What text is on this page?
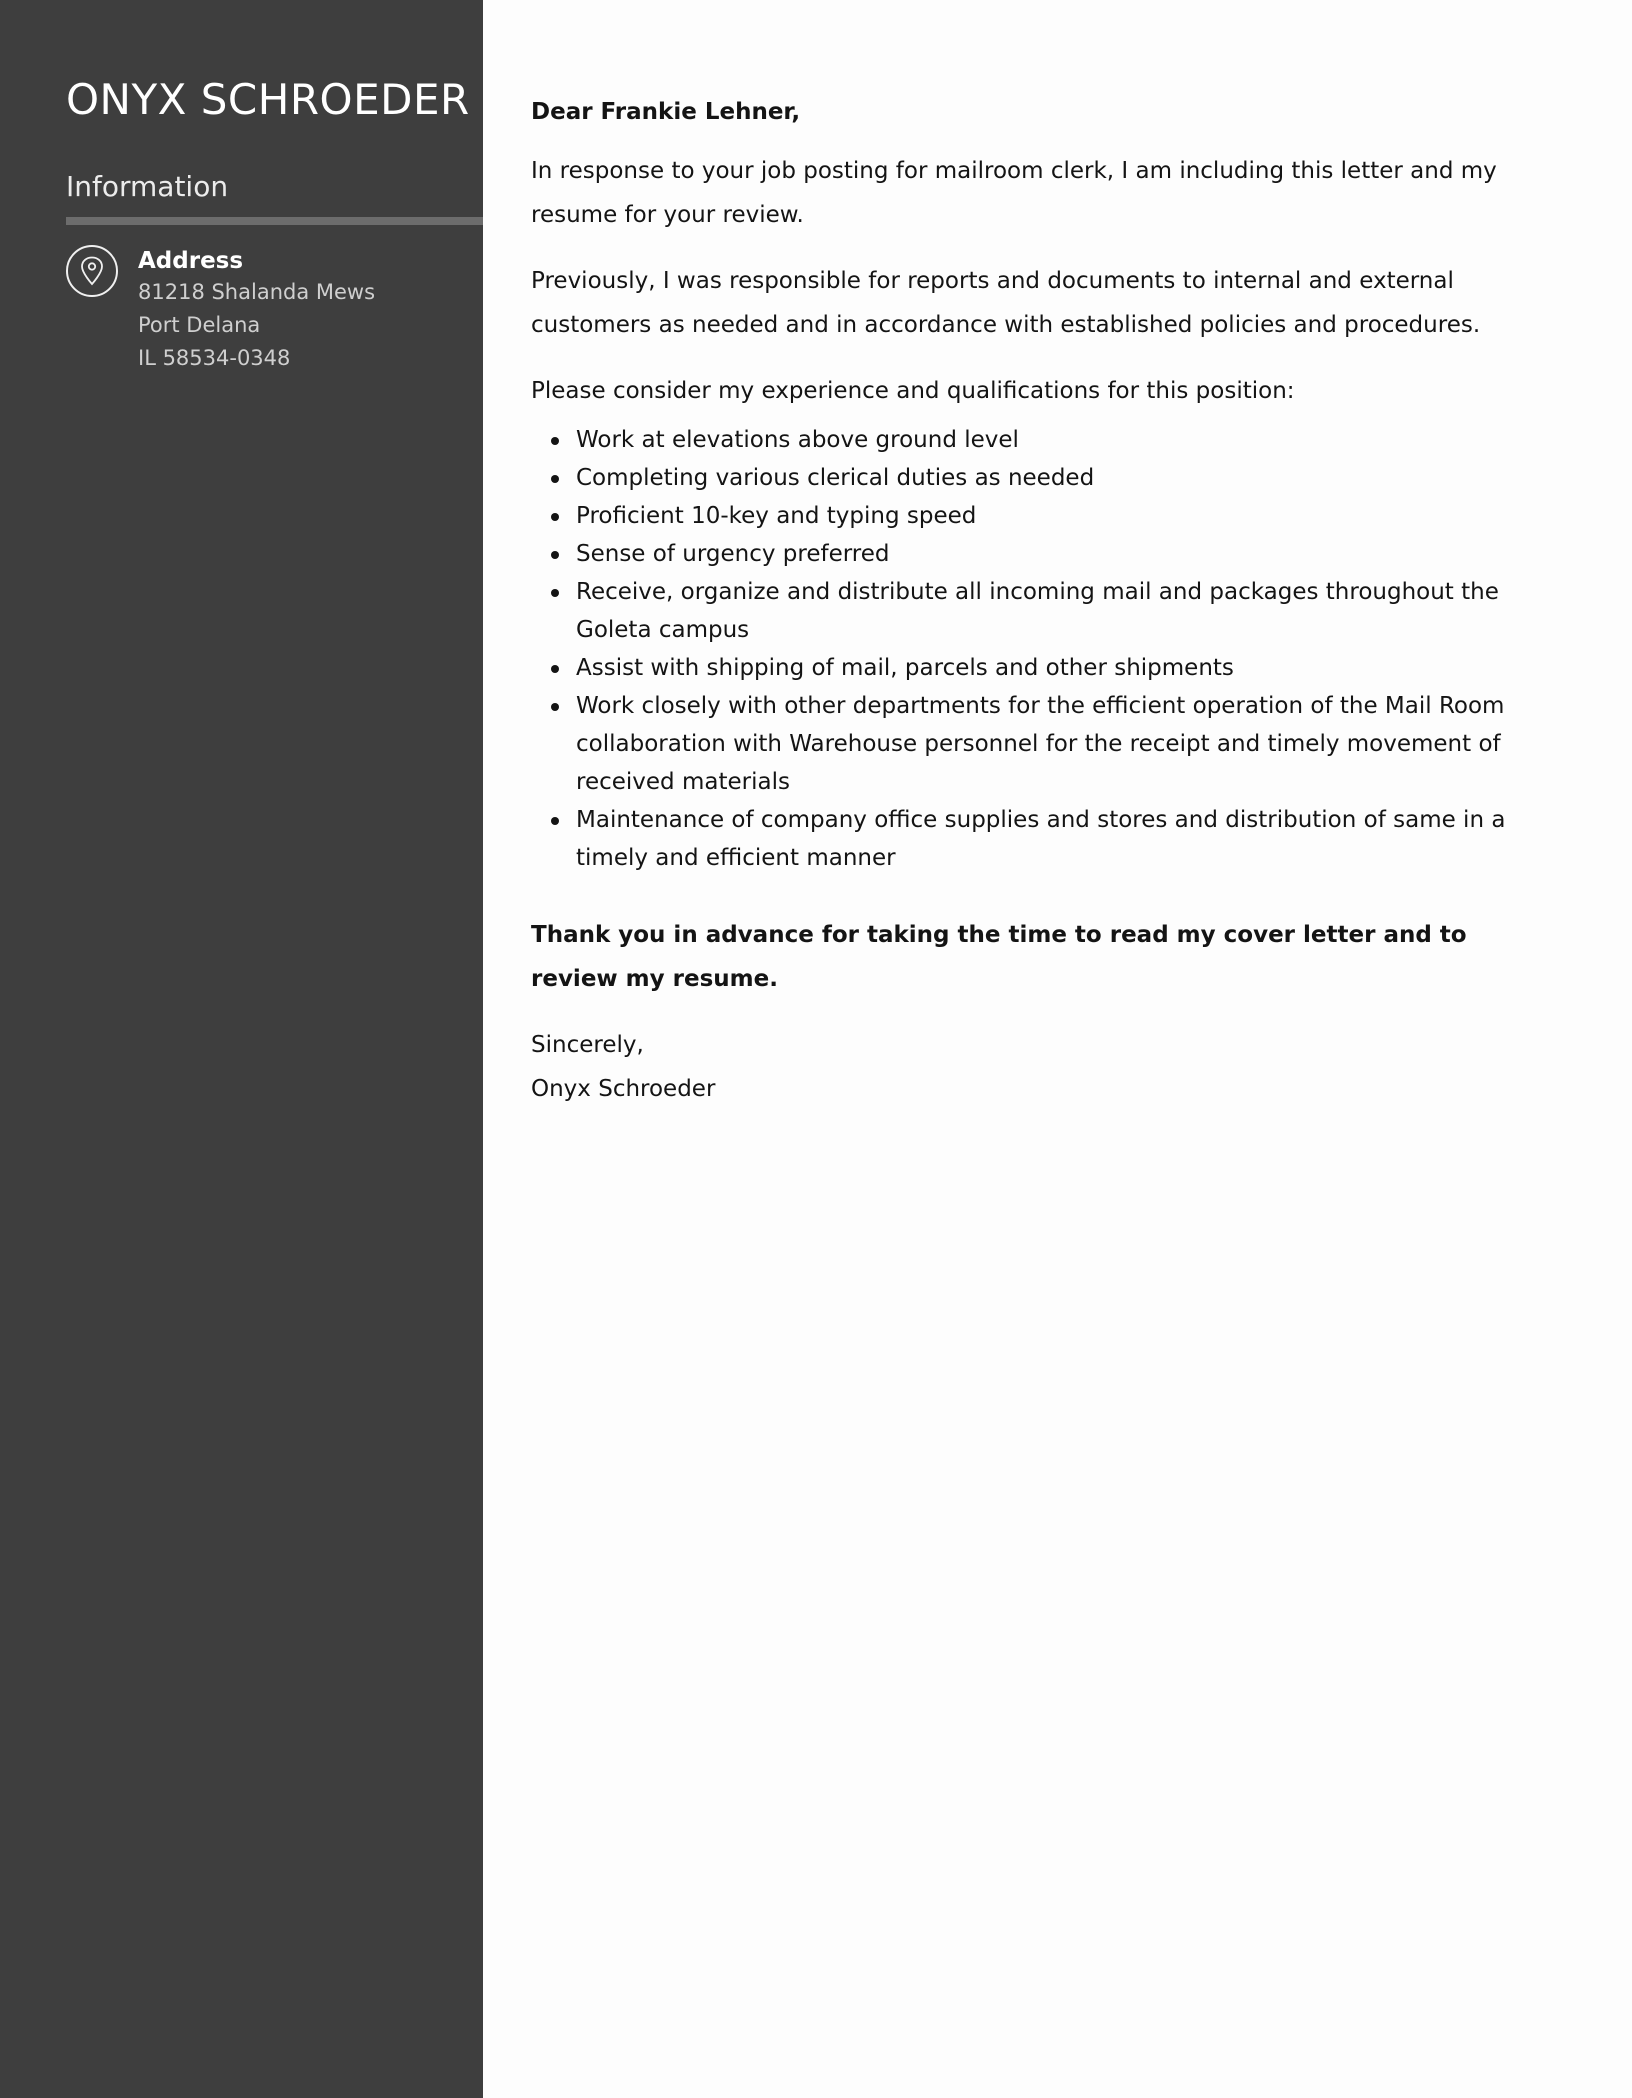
ONYX SCHROEDER
Information
Address
81218 Shalanda Mews
Port Delana
IL 58534-0348

Dear Frankie Lehner,

In response to your job posting for mailroom clerk, I am including this letter and my resume for your review.

Previously, I was responsible for reports and documents to internal and external customers as needed and in accordance with established policies and procedures.

Please consider my experience and qualifications for this position:

Work at elevations above ground level
Completing various clerical duties as needed
Proficient 10-key and typing speed
Sense of urgency preferred
Receive, organize and distribute all incoming mail and packages throughout the Goleta campus
Assist with shipping of mail, parcels and other shipments
Work closely with other departments for the efficient operation of the Mail Room collaboration with Warehouse personnel for the receipt and timely movement of received materials
Maintenance of company office supplies and stores and distribution of same in a timely and efficient manner

Thank you in advance for taking the time to read my cover letter and to review my resume.

Sincerely,

Onyx Schroeder
